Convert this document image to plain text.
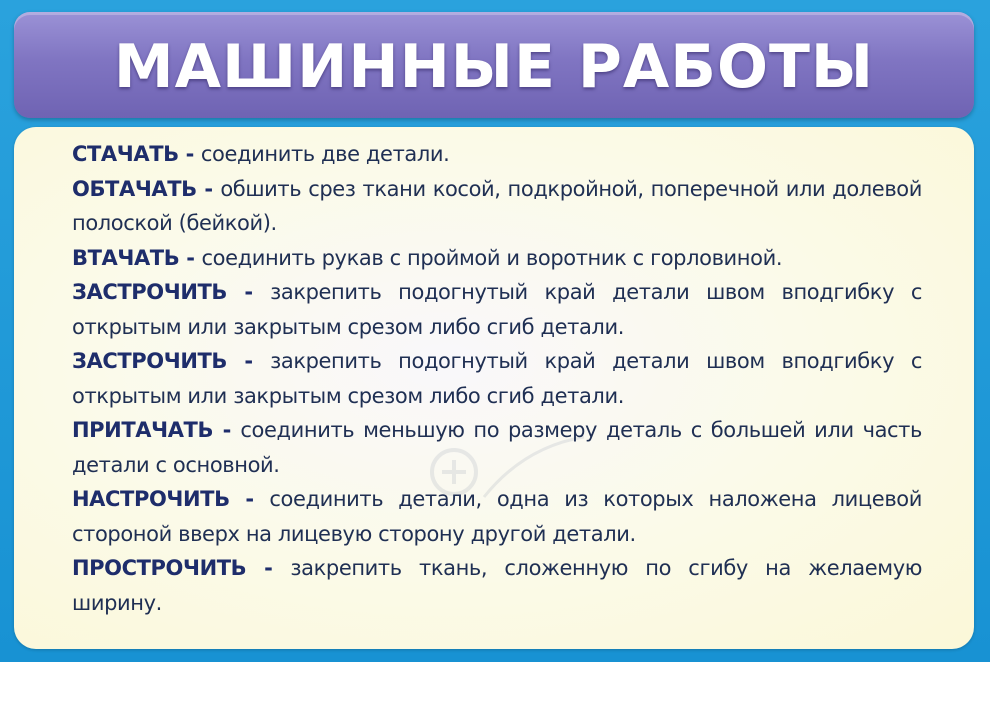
МАШИННЫЕ РАБОТЫ

СТАЧАТЬ - соединить две детали.

ОБТАЧАТЬ - обшить срез ткани косой, подкройной, поперечной или долевой полоской (бейкой).

ВТАЧАТЬ - соединить рукав с проймой и воротник с горловиной.

ЗАСТРОЧИТЬ - закрепить подогнутый край детали швом вподгибку с открытым или закрытым срезом либо сгиб детали.

ЗАСТРОЧИТЬ - закрепить подогнутый край детали швом вподгибку с открытым или закрытым срезом либо сгиб детали.

ПРИТАЧАТЬ - соединить меньшую по размеру деталь с большей или часть детали с основной.

НАСТРОЧИТЬ - соединить детали, одна из которых наложена лицевой стороной вверх на лицевую сторону другой детали.

ПРОСТРОЧИТЬ - закрепить ткань, сложенную по сгибу на желаемую ширину.
